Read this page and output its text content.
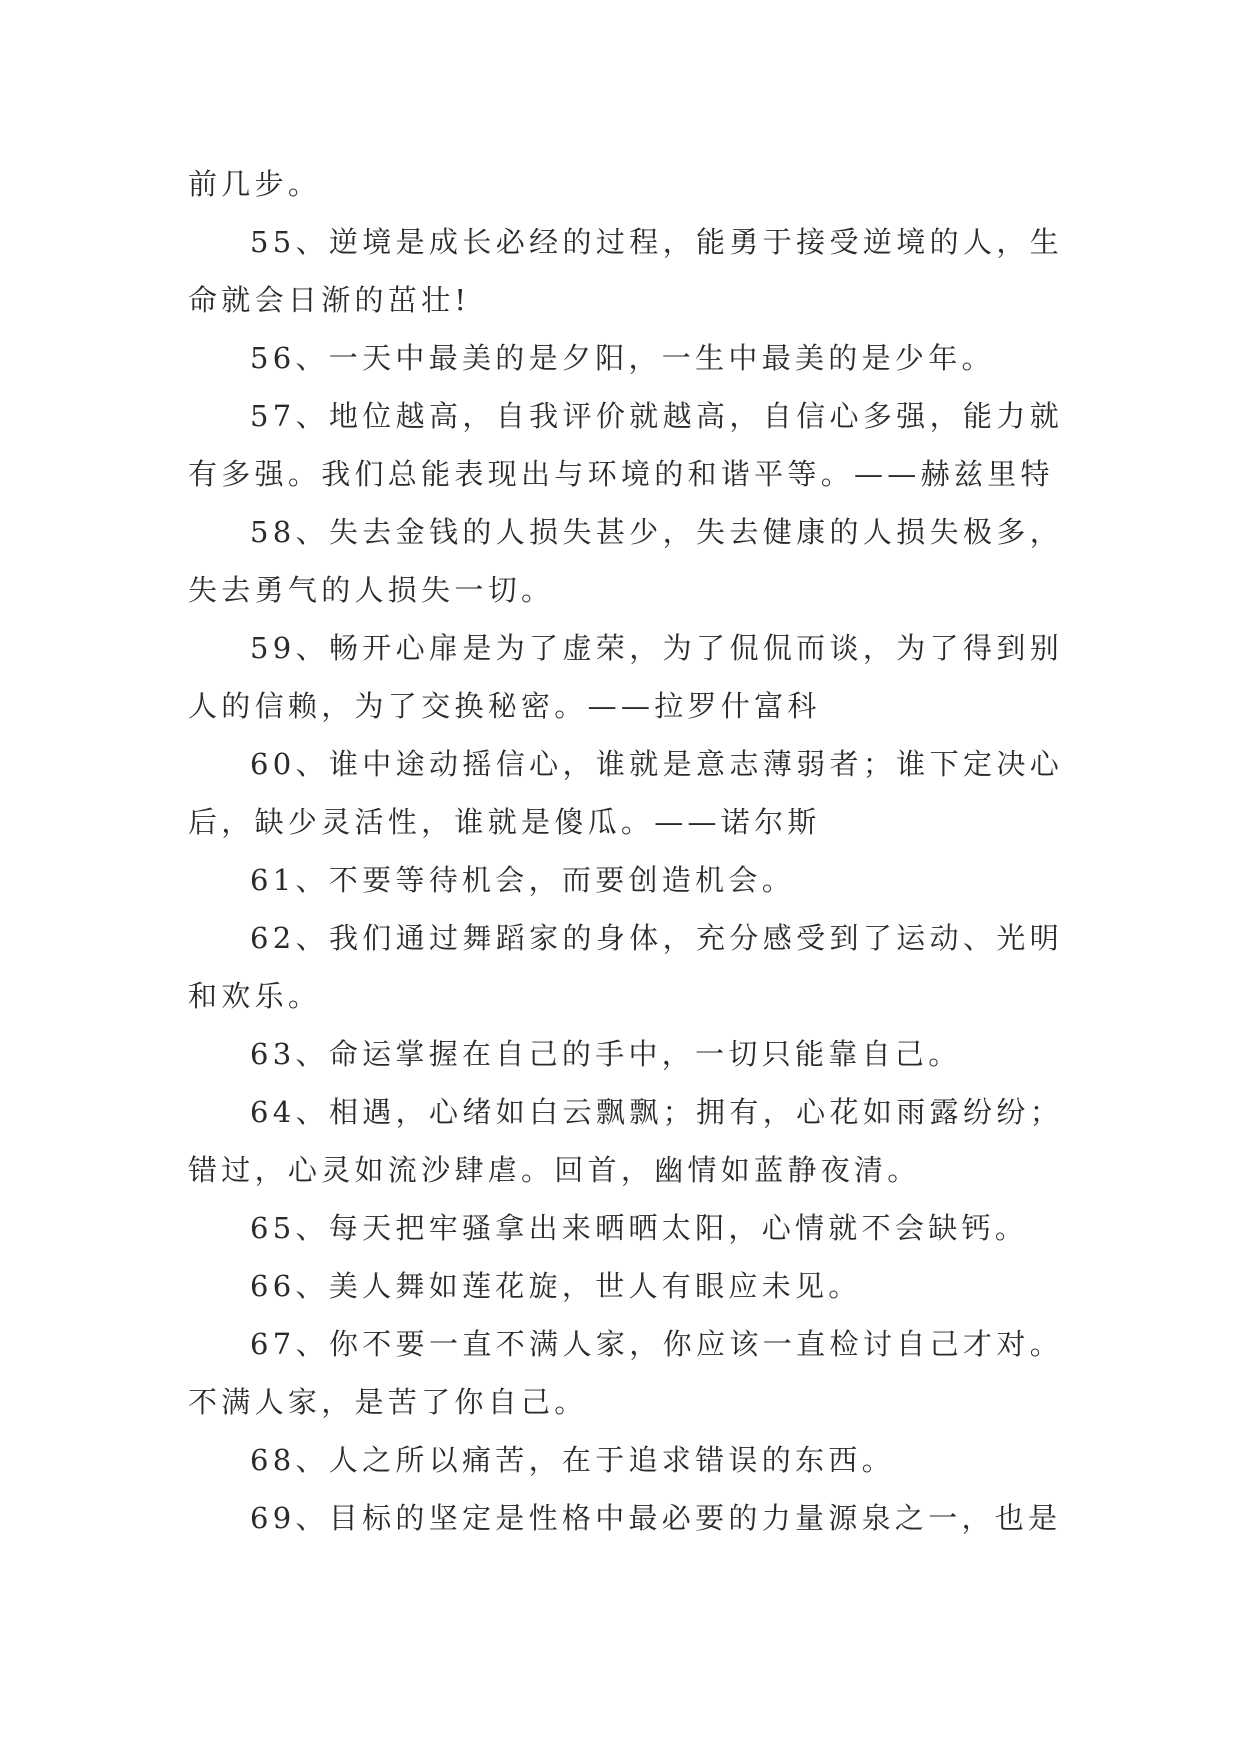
前几步。

55、逆境是成长必经的过程，能勇于接受逆境的人，生命就会日渐的茁壮!

56、一天中最美的是夕阳，一生中最美的是少年。

57、地位越高，自我评价就越高，自信心多强，能力就有多强。我们总能表现出与环境的和谐平等。——赫兹里特

58、失去金钱的人损失甚少，失去健康的人损失极多，失去勇气的人损失一切。

59、畅开心扉是为了虚荣，为了侃侃而谈，为了得到别人的信赖，为了交换秘密。——拉罗什富科

60、谁中途动摇信心，谁就是意志薄弱者；谁下定决心后，缺少灵活性，谁就是傻瓜。——诺尔斯

61、不要等待机会，而要创造机会。

62、我们通过舞蹈家的身体，充分感受到了运动、光明和欢乐。

63、命运掌握在自己的手中，一切只能靠自己。

64、相遇，心绪如白云飘飘；拥有，心花如雨露纷纷；错过，心灵如流沙肆虐。回首，幽情如蓝静夜清。

65、每天把牢骚拿出来晒晒太阳，心情就不会缺钙。

66、美人舞如莲花旋，世人有眼应未见。

67、你不要一直不满人家，你应该一直检讨自己才对。不满人家，是苦了你自己。

68、人之所以痛苦，在于追求错误的东西。

69、目标的坚定是性格中最必要的力量源泉之一，也是
